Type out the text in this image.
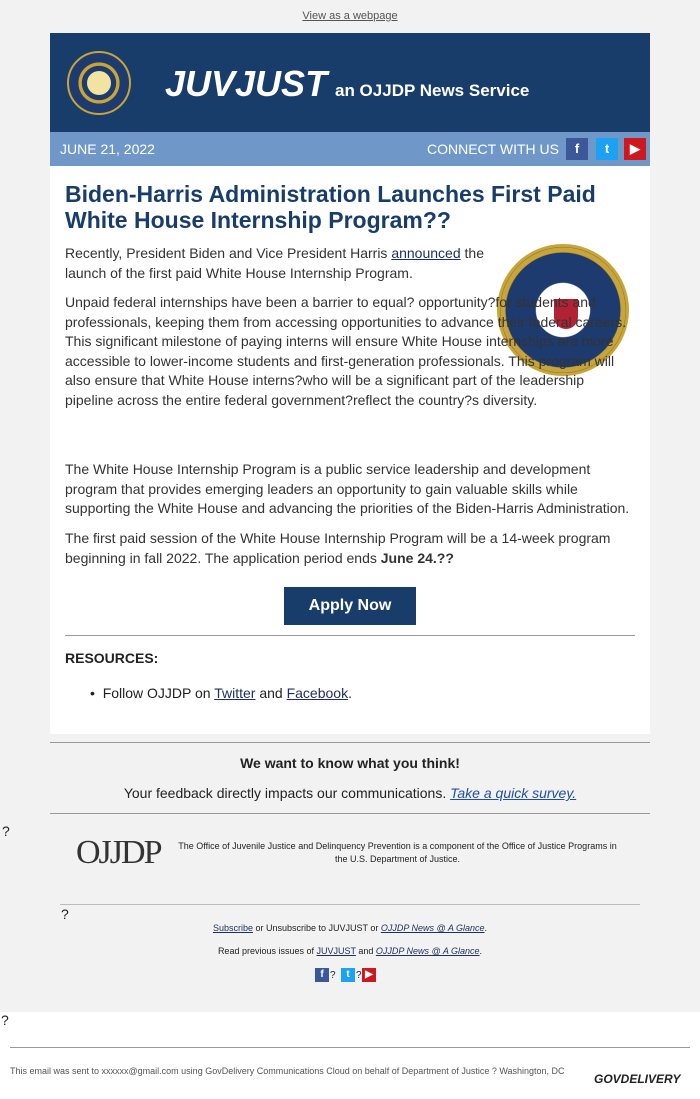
View as a webpage
JUVJUST an OJJDP News Service
JUNE 21, 2022	CONNECT WITH US	f	t	▶
Biden-Harris Administration Launches First Paid White House Internship Program??
Recently, President Biden and Vice President Harris announced the launch of the first paid White House Internship Program.
Unpaid federal internships have been a barrier to equal? opportunity?for students and professionals, keeping them from accessing opportunities to advance their federal careers. This significant milestone of paying interns will ensure White House internships are more accessible to lower-income students and first-generation professionals. This program will also ensure that White House interns?who will be a significant part of the leadership pipeline across the entire federal government?reflect the country?s diversity.
The White House Internship Program is a public service leadership and development program that provides emerging leaders an opportunity to gain valuable skills while supporting the White House and advancing the priorities of the Biden-Harris Administration.
The first paid session of the White House Internship Program will be a 14-week program beginning in fall 2022. The application period ends June 24.??
Apply Now
RESOURCES:
•  Follow OJJDP on Twitter and Facebook.
We want to know what you think!
Your feedback directly impacts our communications. Take a quick survey.
?
OJJDP	The Office of Juvenile Justice and Delinquency Prevention is a component of the Office of Justice Programs in the U.S. Department of Justice.
?
Subscribe or Unsubscribe to JUVJUST or OJJDP News @ A Glance.
Read previous issues of JUVJUST and OJJDP News @ A Glance.
f ?	t ? ▶
?
This email was sent to xxxxxx@gmail.com using GovDelivery Communications Cloud on behalf of Department of Justice ? Washington, DC
GOVDELIVERY
